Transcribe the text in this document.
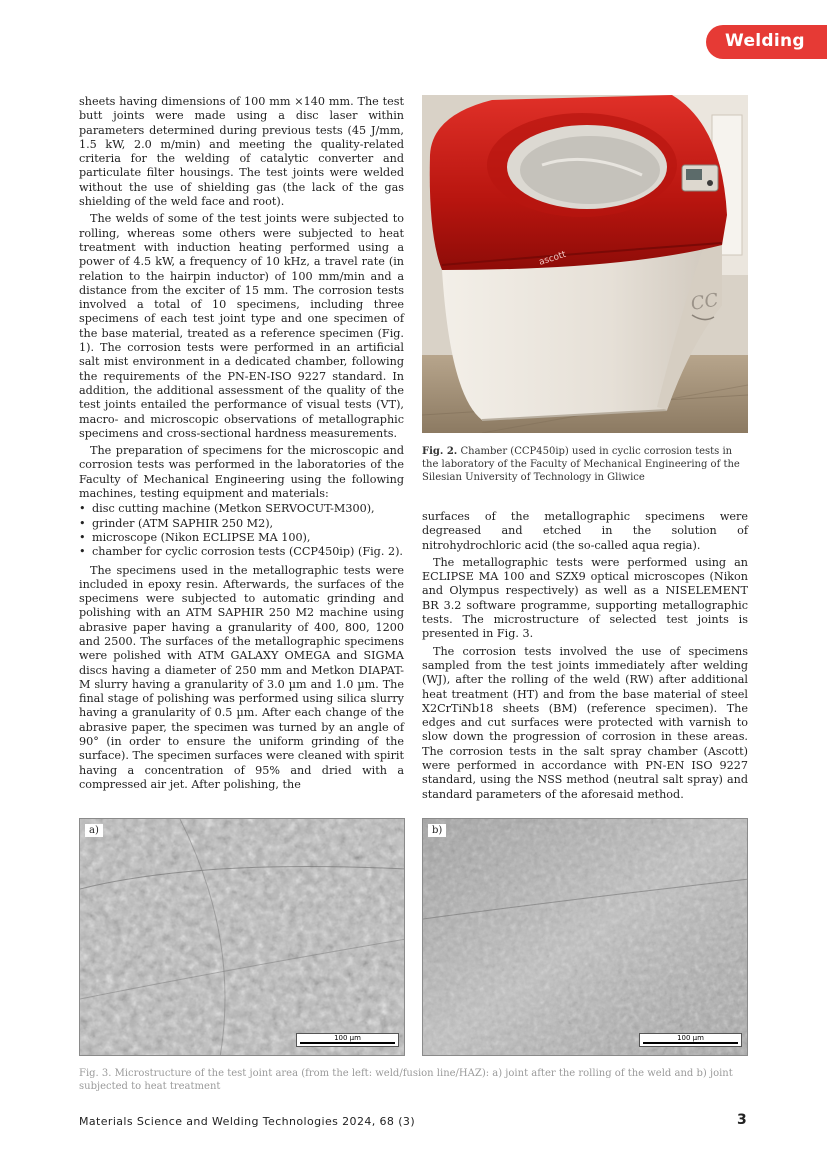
Welding

sheets having dimensions of 100 mm ×140 mm. The test butt joints were made using a disc laser within parameters determined during previous tests (45 J/mm, 1.5 kW, 2.0 m/min) and meeting the quality-related criteria for the welding of catalytic converter and particulate filter housings. The test joints were welded without the use of shielding gas (the lack of the gas shielding of the weld face and root).

The welds of some of the test joints were subjected to rolling, whereas some others were subjected to heat treatment with induction heating performed using a power of 4.5 kW, a frequency of 10 kHz, a travel rate (in relation to the hairpin inductor) of 100 mm/min and a distance from the exciter of 15 mm. The corrosion tests involved a total of 10 specimens, including three specimens of each test joint type and one specimen of the base material, treated as a reference specimen (Fig. 1). The corrosion tests were performed in an artificial salt mist environment in a dedicated chamber, following the requirements of the PN-EN-ISO 9227 standard. In addition, the additional assessment of the quality of the test joints entailed the performance of visual tests (VT), macro- and microscopic observations of metallographic specimens and cross-sectional hardness measurements.

The preparation of specimens for the microscopic and corrosion tests was performed in the laboratories of the Faculty of Mechanical Engineering using the following machines, testing equipment and materials:

• disc cutting machine (Metkon SERVOCUT-M300),
• grinder (ATM SAPHIR 250 M2),
• microscope (Nikon ECLIPSE MA 100),
• chamber for cyclic corrosion tests (CCP450ip) (Fig. 2).

The specimens used in the metallographic tests were included in epoxy resin. Afterwards, the surfaces of the specimens were subjected to automatic grinding and polishing with an ATM SAPHIR 250 M2 machine using abrasive paper having a granularity of 400, 800, 1200 and 2500. The surfaces of the metallographic specimens were polished with ATM GALAXY OMEGA and SIGMA discs having a diameter of 250 mm and Metkon DIAPAT-M slurry having a granularity of 3.0 µm and 1.0 µm. The final stage of polishing was performed using silica slurry having a granularity of 0.5 µm. After each change of the abrasive paper, the specimen was turned by an angle of 90° (in order to ensure the uniform grinding of the surface). The specimen surfaces were cleaned with spirit having a concentration of 95% and dried with a compressed air jet. After polishing, the

ascott
CC
Fig. 2. Chamber (CCP450ip) used in cyclic corrosion tests in the laboratory of the Faculty of Mechanical Engineering of the Silesian University of Technology in Gliwice

surfaces of the metallographic specimens were degreased and etched in the solution of nitrohydrochloric acid (the so-called aqua regia).

The metallographic tests were performed using an ECLIPSE MA 100 and SZX9 optical microscopes (Nikon and Olympus respectively) as well as a NISELEMENT BR 3.2 software programme, supporting metallographic tests. The microstructure of selected test joints is presented in Fig. 3.

The corrosion tests involved the use of specimens sampled from the test joints immediately after welding (WJ), after the rolling of the weld (RW) after additional heat treatment (HT) and from the base material of steel X2CrTiNb18 sheets (BM) (reference specimen). The edges and cut surfaces were protected with varnish to slow down the progression of corrosion in these areas. The corrosion tests in the salt spray chamber (Ascott) were performed in accordance with PN-EN ISO 9227 standard, using the NSS method (neutral salt spray) and standard parameters of the aforesaid method.

a)
100 µm
b)
100 µm
Fig. 3. Microstructure of the test joint area (from the left: weld/fusion line/HAZ): a) joint after the rolling of the weld and b) joint subjected to heat treatment
Materials Science and Welding Technologies 2024, 68 (3)	3
